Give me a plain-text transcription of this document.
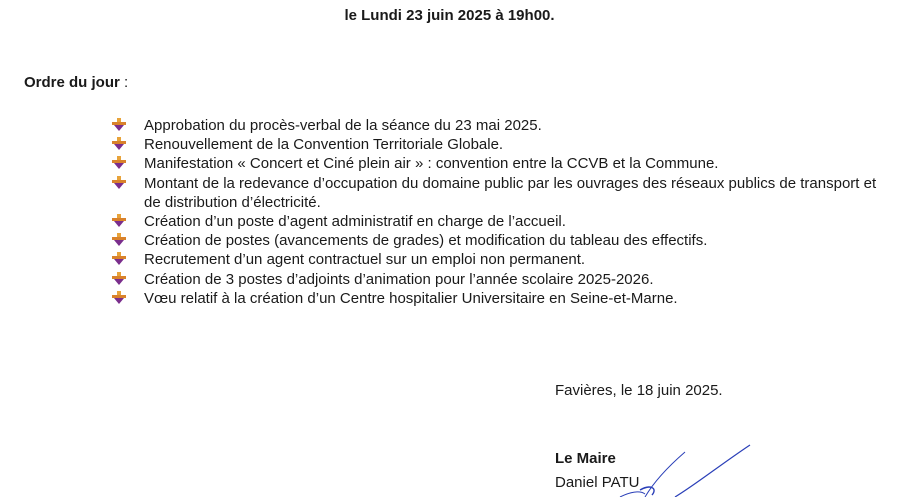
le Lundi 23 juin 2025 à 19h00.
Ordre du jour :
Approbation du procès-verbal de la séance du 23 mai 2025.
Renouvellement de la Convention Territoriale Globale.
Manifestation « Concert et Ciné plein air » : convention entre la CCVB et la Commune.
Montant de la redevance d’occupation du domaine public par les ouvrages des réseaux publics de transport et de distribution d’électricité.
Création d’un poste d’agent administratif en charge de l’accueil.
Création de postes (avancements de grades) et modification du tableau des effectifs.
Recrutement d’un agent contractuel sur un emploi non permanent.
Création de 3 postes d’adjoints d’animation pour l’année scolaire 2025-2026.
Vœu relatif à la création d’un Centre hospitalier Universitaire en Seine-et-Marne.
Favières, le 18 juin 2025.
Le Maire
Daniel PATU
